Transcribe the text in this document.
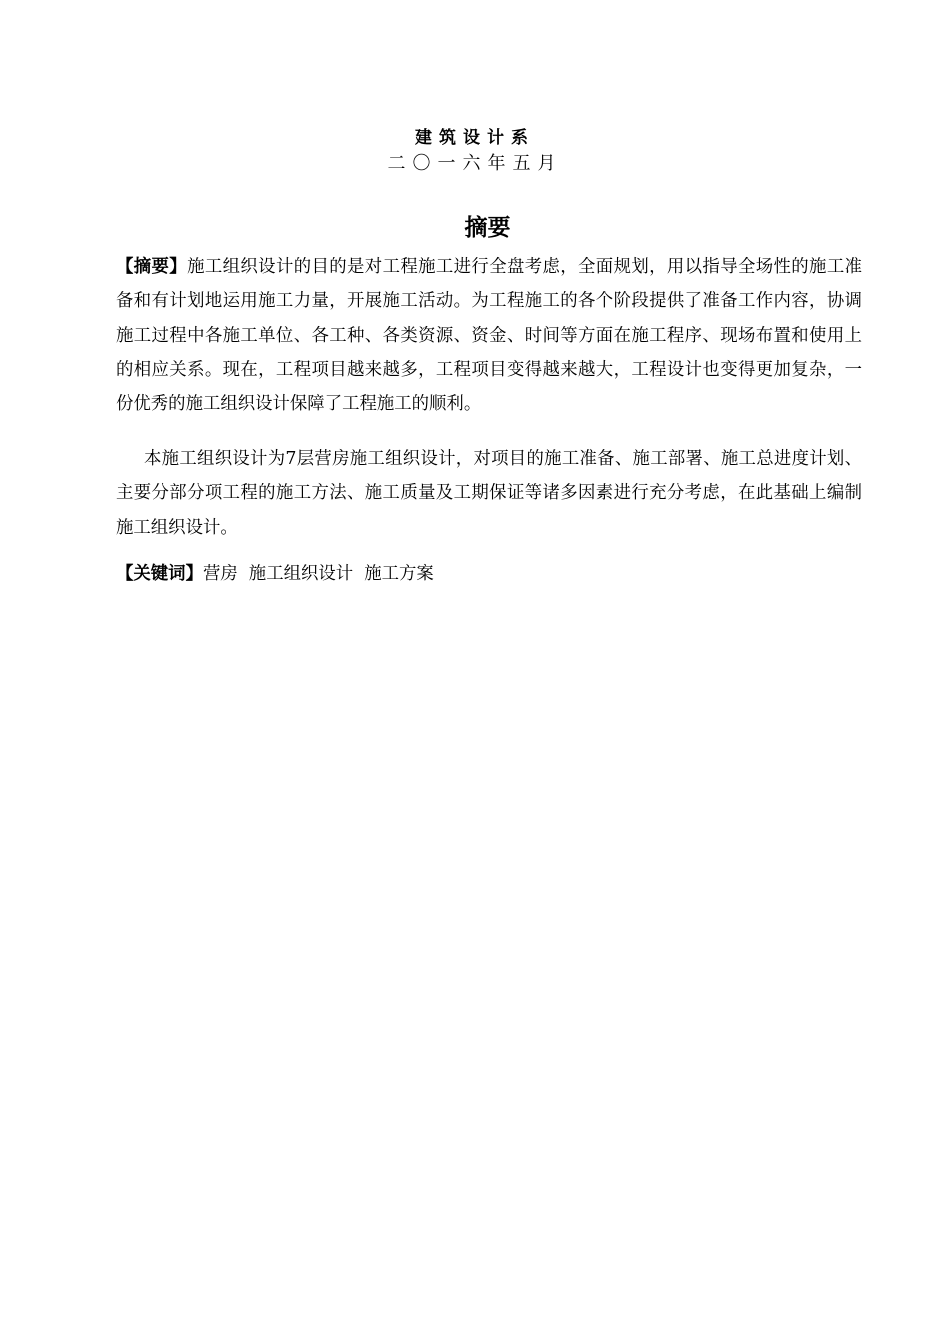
建筑设计系
二〇一六年五月
摘要

【摘要】施工组织设计的目的是对工程施工进行全盘考虑，全面规划，用以指导全场性的施工准备和有计划地运用施工力量，开展施工活动。为工程施工的各个阶段提供了准备工作内容，协调施工过程中各施工单位、各工种、各类资源、资金、时间等方面在施工程序、现场布置和使用上的相应关系。现在，工程项目越来越多，工程项目变得越来越大，工程设计也变得更加复杂，一份优秀的施工组织设计保障了工程施工的顺利。

本施工组织设计为7层营房施工组织设计，对项目的施工准备、施工部署、施工总进度计划、主要分部分项工程的施工方法、施工质量及工期保证等诸多因素进行充分考虑，在此基础上编制施工组织设计。

【关键词】营房  施工组织设计  施工方案
